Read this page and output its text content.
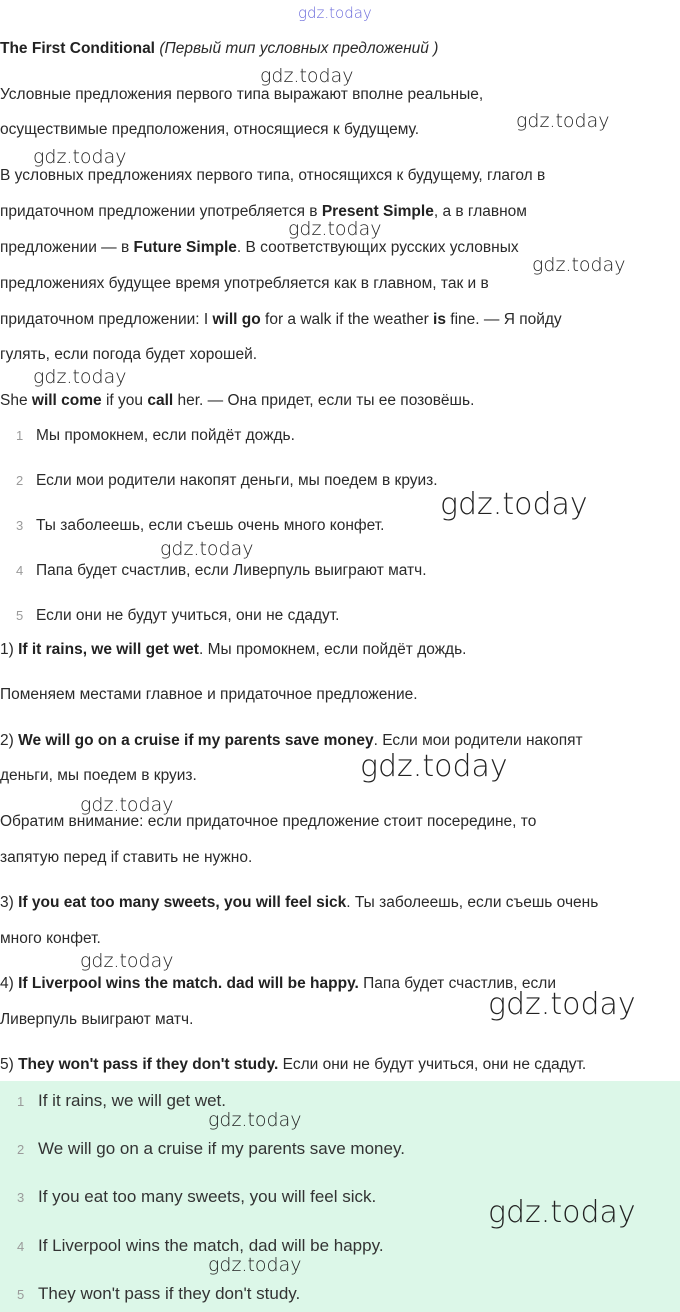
gdz.today
The First Conditional (Первый тип условных предложений )
Условные предложения первого типа выражают вполне реальные,
осуществимые предположения, относящиеся к будущему.
В условных предложениях первого типа, относящихся к будущему, глагол в
придаточном предложении употребляется в Present Simple, а в главном
предложении — в Future Simple. В соответствующих русских условных
предложениях будущее время употребляется как в главном, так и в
придаточном предложении: I will go for a walk if the weather is fine. — Я пойду
гулять, если погода будет хорошей.
She will come if you call her. — Она придет, если ты ее позовёшь.
1 Мы промокнем, если пойдёт дождь.
2 Если мои родители накопят деньги, мы поедем в круиз.
3 Ты заболеешь, если съешь очень много конфет.
4 Папа будет счастлив, если Ливерпуль выиграют матч.
5 Если они не будут учиться, они не сдадут.
1) If it rains, we will get wet. Мы промокнем, если пойдёт дождь.
Поменяем местами главное и придаточное предложение.
2) We will go on a cruise if my parents save money. Если мои родители накопят
деньги, мы поедем в круиз.
Обратим внимание: если придаточное предложение стоит посередине, то
запятую перед if ставить не нужно.
3) If you eat too many sweets, you will feel sick. Ты заболеешь, если съешь очень
много конфет.
4) If Liverpool wins the match. dad will be happy. Папа будет счастлив, если
Ливерпуль выиграют матч.
5) They won't pass if they don't study. Если они не будут учиться, они не сдадут.
1 If it rains, we will get wet.
2 We will go on a cruise if my parents save money.
3 If you eat too many sweets, you will feel sick.
4 If Liverpool wins the match, dad will be happy.
5 They won't pass if they don't study.
gdz.today
gdz.today
gdz.today
gdz.today
gdz.today
gdz.today
gdz.today
gdz.today
gdz.today
gdz.today
gdz.today
gdz.today
gdz.today
gdz.today
gdz.today
